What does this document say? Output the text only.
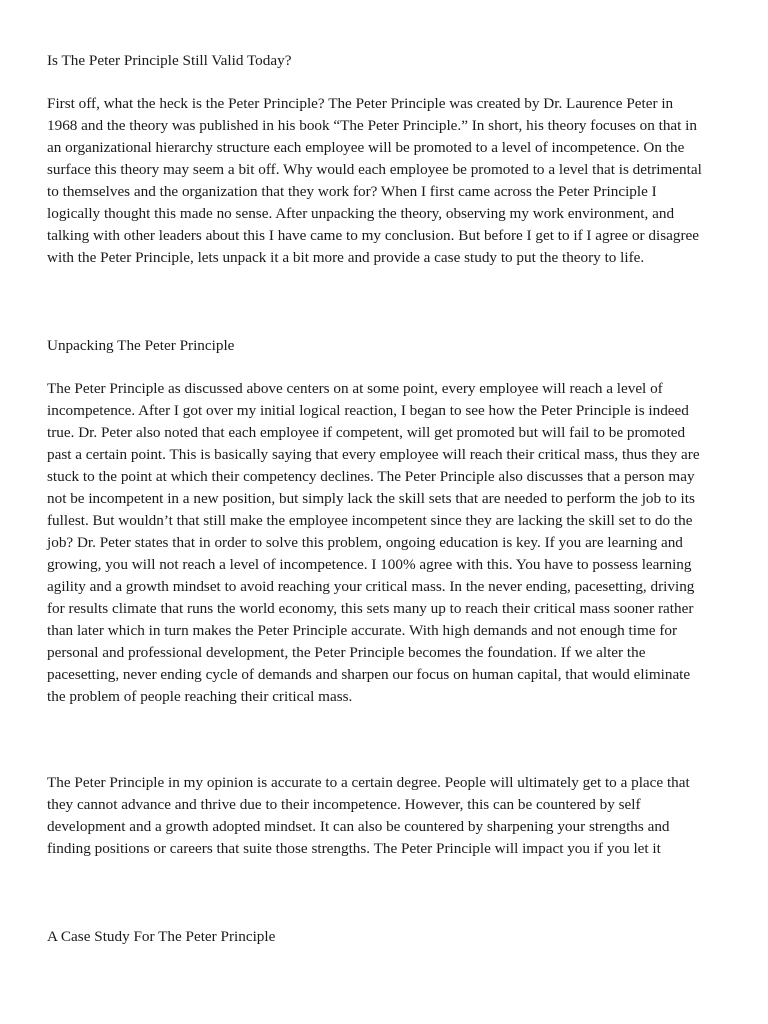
Is The Peter Principle Still Valid Today?
First off, what the heck is the Peter Principle? The Peter Principle was created by Dr. Laurence Peter in
1968 and the theory was published in his book “The Peter Principle.” In short, his theory focuses on that in
an organizational hierarchy structure each employee will be promoted to a level of incompetence. On the
surface this theory may seem a bit off. Why would each employee be promoted to a level that is detrimental
to themselves and the organization that they work for? When I first came across the Peter Principle I
logically thought this made no sense. After unpacking the theory, observing my work environment, and
talking with other leaders about this I have came to my conclusion. But before I get to if I agree or disagree
with the Peter Principle, lets unpack it a bit more and provide a case study to put the theory to life.
Unpacking The Peter Principle
The Peter Principle as discussed above centers on at some point, every employee will reach a level of
incompetence. After I got over my initial logical reaction, I began to see how the Peter Principle is indeed
true. Dr. Peter also noted that each employee if competent, will get promoted but will fail to be promoted
past a certain point. This is basically saying that every employee will reach their critical mass, thus they are
stuck to the point at which their competency declines. The Peter Principle also discusses that a person may
not be incompetent in a new position, but simply lack the skill sets that are needed to perform the job to its
fullest. But wouldn’t that still make the employee incompetent since they are lacking the skill set to do the
job? Dr. Peter states that in order to solve this problem, ongoing education is key. If you are learning and
growing, you will not reach a level of incompetence. I 100% agree with this. You have to possess learning
agility and a growth mindset to avoid reaching your critical mass. In the never ending, pacesetting, driving
for results climate that runs the world economy, this sets many up to reach their critical mass sooner rather
than later which in turn makes the Peter Principle accurate. With high demands and not enough time for
personal and professional development, the Peter Principle becomes the foundation. If we alter the
pacesetting, never ending cycle of demands and sharpen our focus on human capital, that would eliminate
the problem of people reaching their critical mass.
The Peter Principle in my opinion is accurate to a certain degree. People will ultimately get to a place that
they cannot advance and thrive due to their incompetence. However, this can be countered by self
development and a growth adopted mindset. It can also be countered by sharpening your strengths and
finding positions or careers that suite those strengths. The Peter Principle will impact you if you let it
A Case Study For The Peter Principle
